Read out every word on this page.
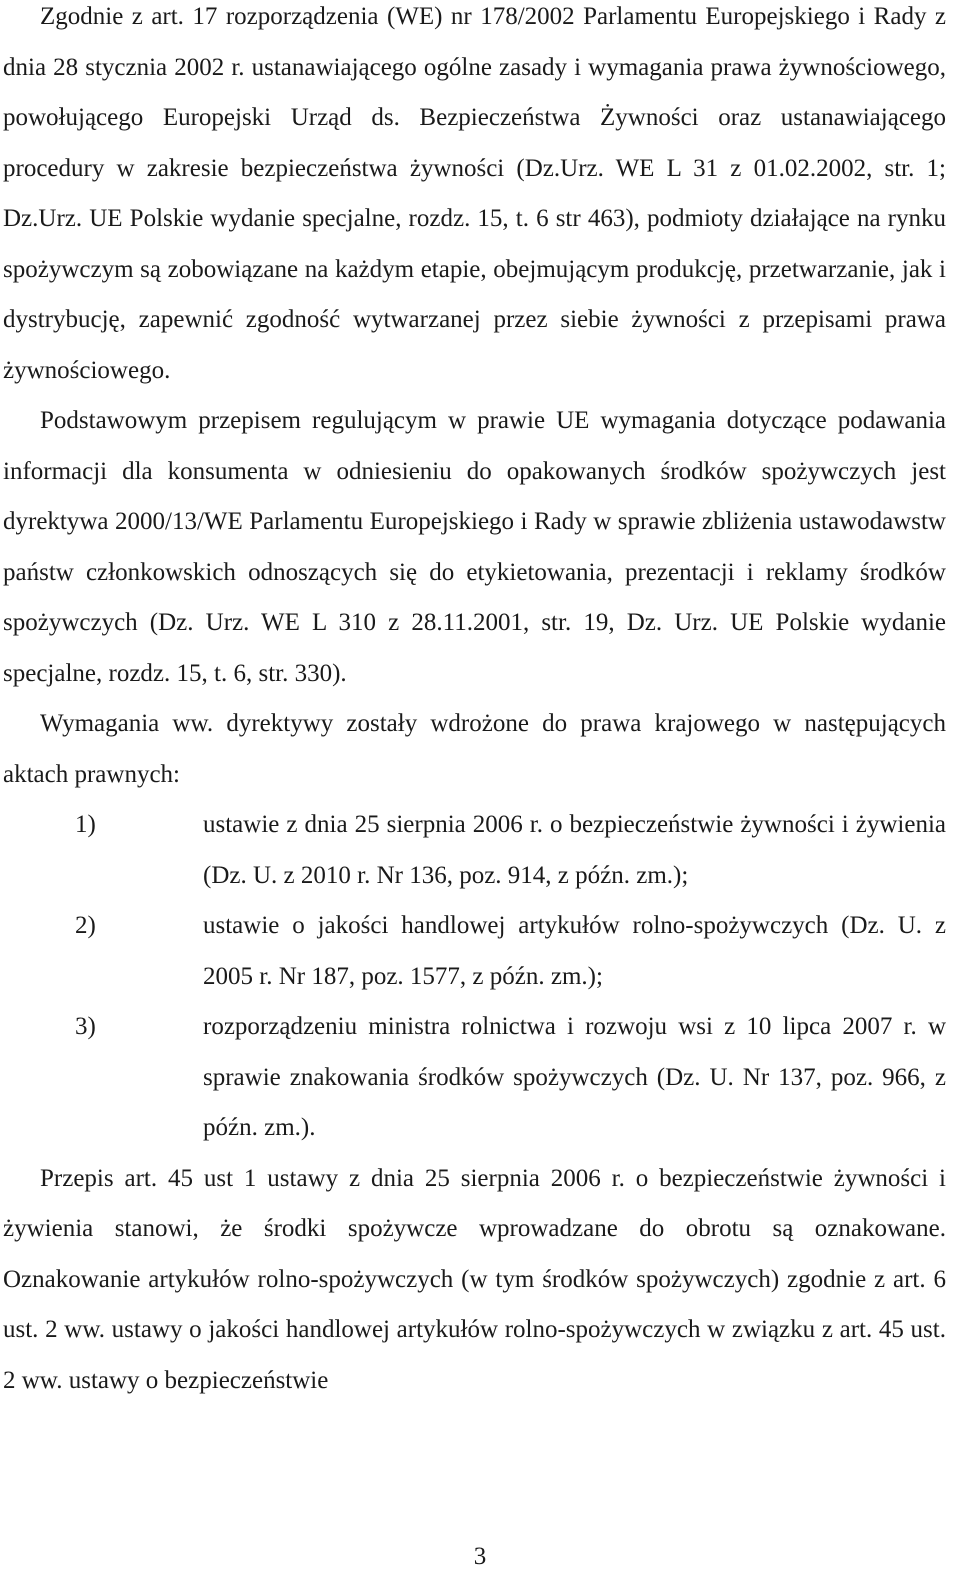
Zgodnie z art. 17 rozporządzenia (WE) nr 178/2002 Parlamentu Europejskiego i Rady z dnia 28 stycznia 2002 r. ustanawiającego ogólne zasady i wymagania prawa żywnościowego, powołującego Europejski Urząd ds. Bezpieczeństwa Żywności oraz ustanawiającego procedury w zakresie bezpieczeństwa żywności (Dz.Urz. WE L 31 z 01.02.2002, str. 1; Dz.Urz. UE Polskie wydanie specjalne, rozdz. 15, t. 6 str 463), podmioty działające na rynku spożywczym są zobowiązane na każdym etapie, obejmującym produkcję, przetwarzanie, jak i dystrybucję, zapewnić zgodność wytwarzanej przez siebie żywności z przepisami prawa żywnościowego.

Podstawowym przepisem regulującym w prawie UE wymagania dotyczące podawania informacji dla konsumenta w odniesieniu do opakowanych środków spożywczych jest dyrektywa 2000/13/WE Parlamentu Europejskiego i Rady w sprawie zbliżenia ustawodawstw państw członkowskich odnoszących się do etykietowania, prezentacji i reklamy środków spożywczych (Dz. Urz. WE L 310 z 28.11.2001, str. 19, Dz. Urz. UE Polskie wydanie specjalne, rozdz. 15, t. 6, str. 330).

Wymagania ww. dyrektywy zostały wdrożone do prawa krajowego w następujących aktach prawnych:

1)	ustawie z dnia 25 sierpnia 2006 r. o bezpieczeństwie żywności i żywienia (Dz. U. z 2010 r. Nr 136, poz. 914, z późn. zm.);
2)	ustawie o jakości handlowej artykułów rolno-spożywczych (Dz. U. z 2005 r. Nr 187, poz. 1577, z późn. zm.);
3)	rozporządzeniu ministra rolnictwa i rozwoju wsi z 10 lipca 2007 r. w sprawie znakowania środków spożywczych (Dz. U. Nr 137, poz. 966, z późn. zm.).

Przepis art. 45 ust 1 ustawy z dnia 25 sierpnia 2006 r. o bezpieczeństwie żywności i żywienia stanowi, że środki spożywcze wprowadzane do obrotu są oznakowane. Oznakowanie artykułów rolno-spożywczych (w tym środków spożywczych) zgodnie z art. 6 ust. 2 ww. ustawy o jakości handlowej artykułów rolno-spożywczych w związku z art. 45 ust. 2 ww. ustawy o bezpieczeństwie

3
